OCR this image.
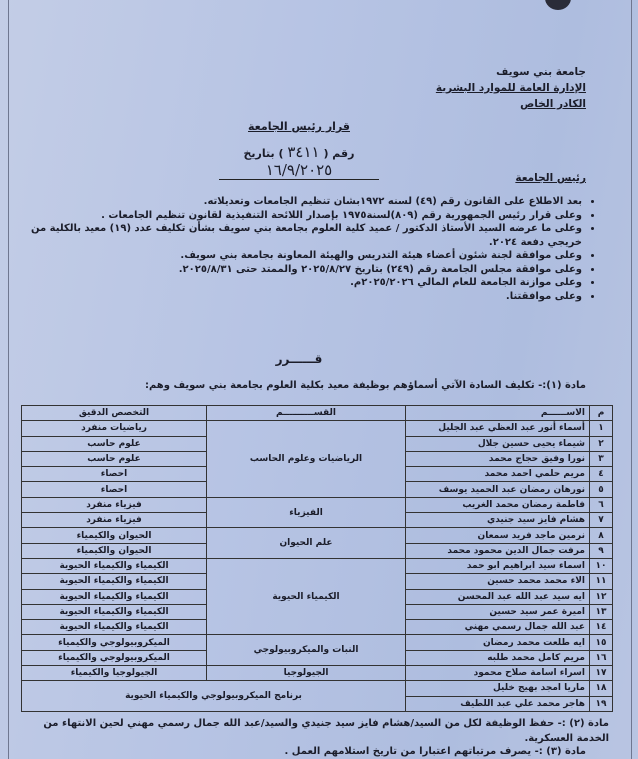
جامعة بني سويف
الإدارة العامة للموارد البشرية
الكادر الخاص
قرار رئيس الجامعة
رقم ( ٣٤١١ ) بتاريخ ١٦/٩/٢٠٢٥	رئيس الجامعة
• بعد الاطلاع على القانون رقم (٤٩) لسنه ١٩٧٢بشان تنظيم الجامعات وتعديلاته.
• وعلى قرار رئيس الجمهورية رقم (٨٠٩)لسنة١٩٧٥ بإصدار اللائحة التنفيذية لقانون تنظيم الجامعات .
• وعلى ما عرضه السيد الأستاذ الدكتور / عميد كلية العلوم بجامعة بني سويف بشأن تكليف عدد (١٩) معيد بالكلية من خريجي دفعة ٢٠٢٤.
• وعلى موافقة لجنة شئون أعضاء هيئة التدريس والهيئة المعاونة بجامعة بني سويف.
• وعلى موافقة مجلس الجامعة رقم (٢٤٩) بتاريخ ٢٠٢٥/٨/٢٧ والممتد حتى ٢٠٢٥/٨/٣١.
• وعلى موازنة الجامعة للعام المالي ٢٠٢٥/٢٠٢٦م.
• وعلى موافقتنا.
قــــــرر
مادة (١):- تكليف السادة الآتي أسماؤهم بوظيفة معيد بكلية العلوم بجامعة بني سويف وهم:
م	الاســــــم	القســــــــــم	التخصص الدقيق
١	أسماء أنور عبد العظي عبد الجليل	الرياضيات وعلوم الحاسب	رياضيات منفرد
٢	شيماء يحيى حسين جلال		علوم حاسب
٣	نورا وفيق حجاج محمد		علوم حاسب
٤	مريم حلمي احمد محمد		احصاء
٥	نورهان رمضان عبد الحميد يوسف		احصاء
٦	فاطمة رمضان محمد الغريب	الفيزياء	فيزياء منفرد
٧	هشام فايز سيد جنيدي		فيزياء منفرد
٨	نرمين ماجد فريد سمعان	علم الحيوان	الحيوان والكيمياء
٩	مرفت جمال الدين محمود محمد		الحيوان والكيمياء
١٠	اسماء سيد ابراهيم ابو حمد	الكيمياء الحيوية	الكيمياء والكيمياء الحيوية
١١	الاء محمد محمد حسين		الكيمياء والكيمياء الحيوية
١٢	ايه سيد عبد الله عبد المحسن		الكيمياء والكيمياء الحيوية
١٣	اميرة عمر سيد حسين		الكيمياء والكيمياء الحيوية
١٤	عبد الله جمال رسمي مهني		الكيمياء والكيمياء الحيوية
١٥	ايه طلعت محمد رمضان	النبات والميكروبيولوجي	الميكروبيولوجي والكيمياء
١٦	مريم كامل محمد طلبه		الميكروبيولوجي والكيمياء
١٧	اسراء اسامة صلاح محمود	الجيولوجيا	الجيولوجيا والكيمياء
١٨	ماريا امجد بهيج خليل	برنامج الميكروبيولوجي والكيمياء الحيوية	
١٩	هاجر محمد علي عبد اللطيف		
مادة (٢) :- حفظ الوظيفة لكل من السيد/هشام فايز سيد جنيدي والسيد/عبد الله جمال رسمي مهني لحين الانتهاء من الخدمة العسكرية.
مادة (٣) :- يصرف مرتباتهم اعتبارا من تاريخ استلامهم العمل .
